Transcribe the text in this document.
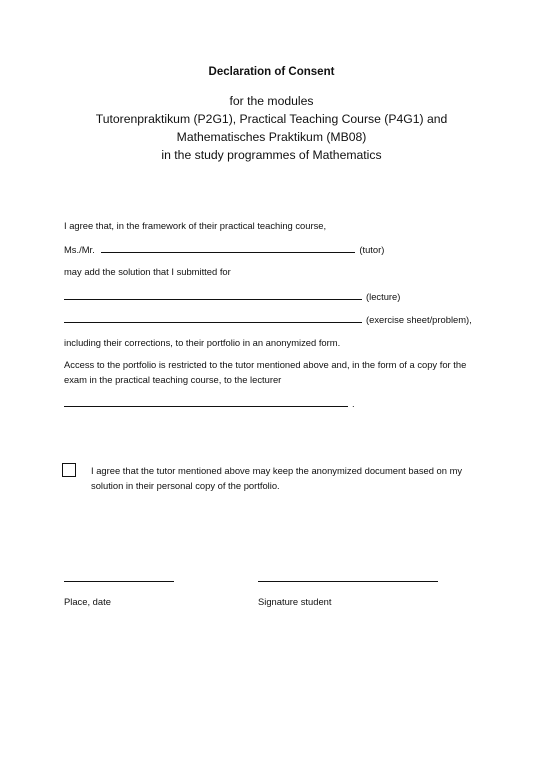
Declaration of Consent
for the modules
Tutorenpraktikum (P2G1), Practical Teaching Course (P4G1) and
Mathematisches Praktikum (MB08)
in the study programmes of Mathematics
I agree that, in the framework of their practical teaching course,
Ms./Mr.	(tutor)
may add the solution that I submitted for
(lecture)
(exercise sheet/problem),
including their corrections, to their portfolio in an anonymized form.
Access to the portfolio is restricted to the tutor mentioned above and, in the form of a copy for the
exam in the practical teaching course, to the lecturer
.
I agree that the tutor mentioned above may keep the anonymized document based on my
solution in their personal copy of the portfolio.
Place, date	Signature student
